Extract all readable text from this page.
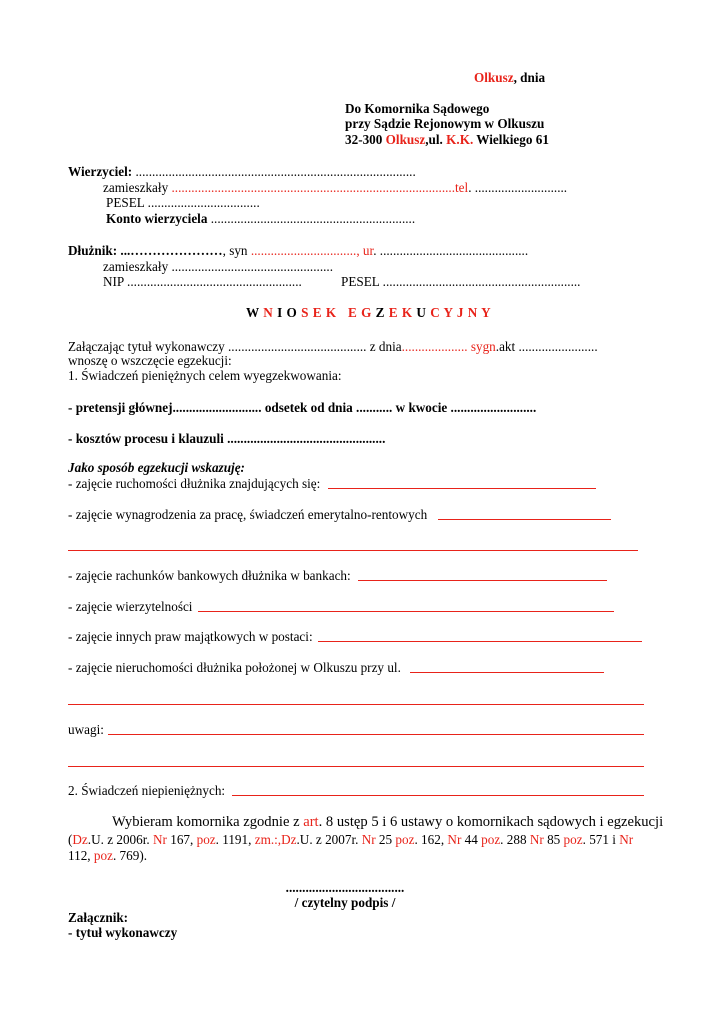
Olkusz, dnia
Do Komornika Sądowego
przy Sądzie Rejonowym w Olkuszu
32-300 Olkusz,ul. K.K. Wielkiego 61
Wierzyciel: .....................................................................................
zamieszkały ......................................................................................tel. ............................
PESEL ..................................
Konto wierzyciela ..............................................................
Dłużnik: ...…………………, syn ................................, ur. .............................................
zamieszkały .................................................
NIP .....................................................	PESEL ............................................................
W N I O S E K E G Z E K U C Y J N Y
Załączając tytuł wykonawczy .......................................... z dnia.................... sygn.akt ........................
wnoszę o wszczęcie egzekucji:
1. Świadczeń pieniężnych celem wyegzekwowania:
- pretensji głównej........................... odsetek od dnia ........... w kwocie ..........................
- kosztów procesu i klauzuli ................................................
Jako sposób egzekucji wskazuję:
- zajęcie ruchomości dłużnika znajdujących się:
- zajęcie wynagrodzenia za pracę, świadczeń emerytalno-rentowych
- zajęcie rachunków bankowych dłużnika w bankach:
- zajęcie wierzytelności
- zajęcie innych praw majątkowych w postaci:
- zajęcie nieruchomości dłużnika położonej w Olkuszu przy ul.
uwagi:
2. Świadczeń niepieniężnych:
Wybieram komornika zgodnie z art. 8 ustęp 5 i 6 ustawy o komornikach sądowych i egzekucji
(Dz.U. z 2006r. Nr 167, poz. 1191, zm.:,Dz.U. z 2007r. Nr 25 poz. 162, Nr 44 poz. 288 Nr 85 poz. 571 i Nr
112, poz. 769).
....................................
/ czytelny podpis /
Załącznik:
- tytuł wykonawczy
